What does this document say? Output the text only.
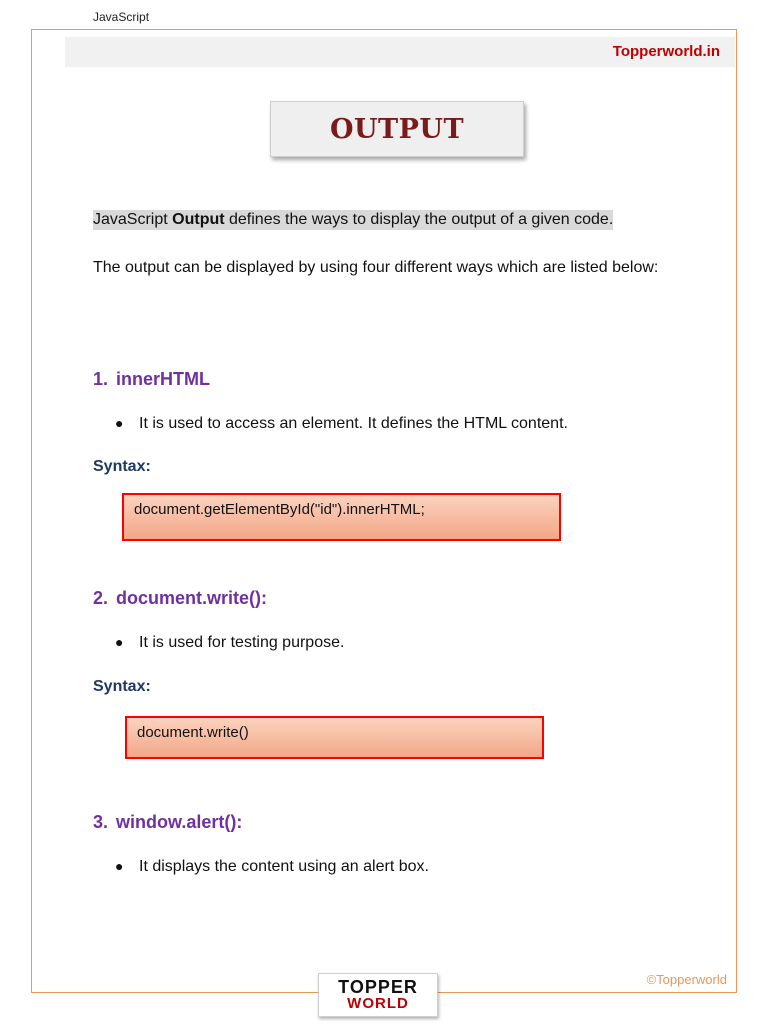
JavaScript
Topperworld.in
OUTPUT
JavaScript Output defines the ways to display the output of a given code.
The output can be displayed by using four different ways which are listed below:
1. innerHTML
● It is used to access an element. It defines the HTML content.
Syntax:
document.getElementById("id").innerHTML;
2. document.write():
● It is used for testing purpose.
Syntax:
document.write()
3. window.alert():
● It displays the content using an alert box.
©Topperworld
TOPPER
WORLD
